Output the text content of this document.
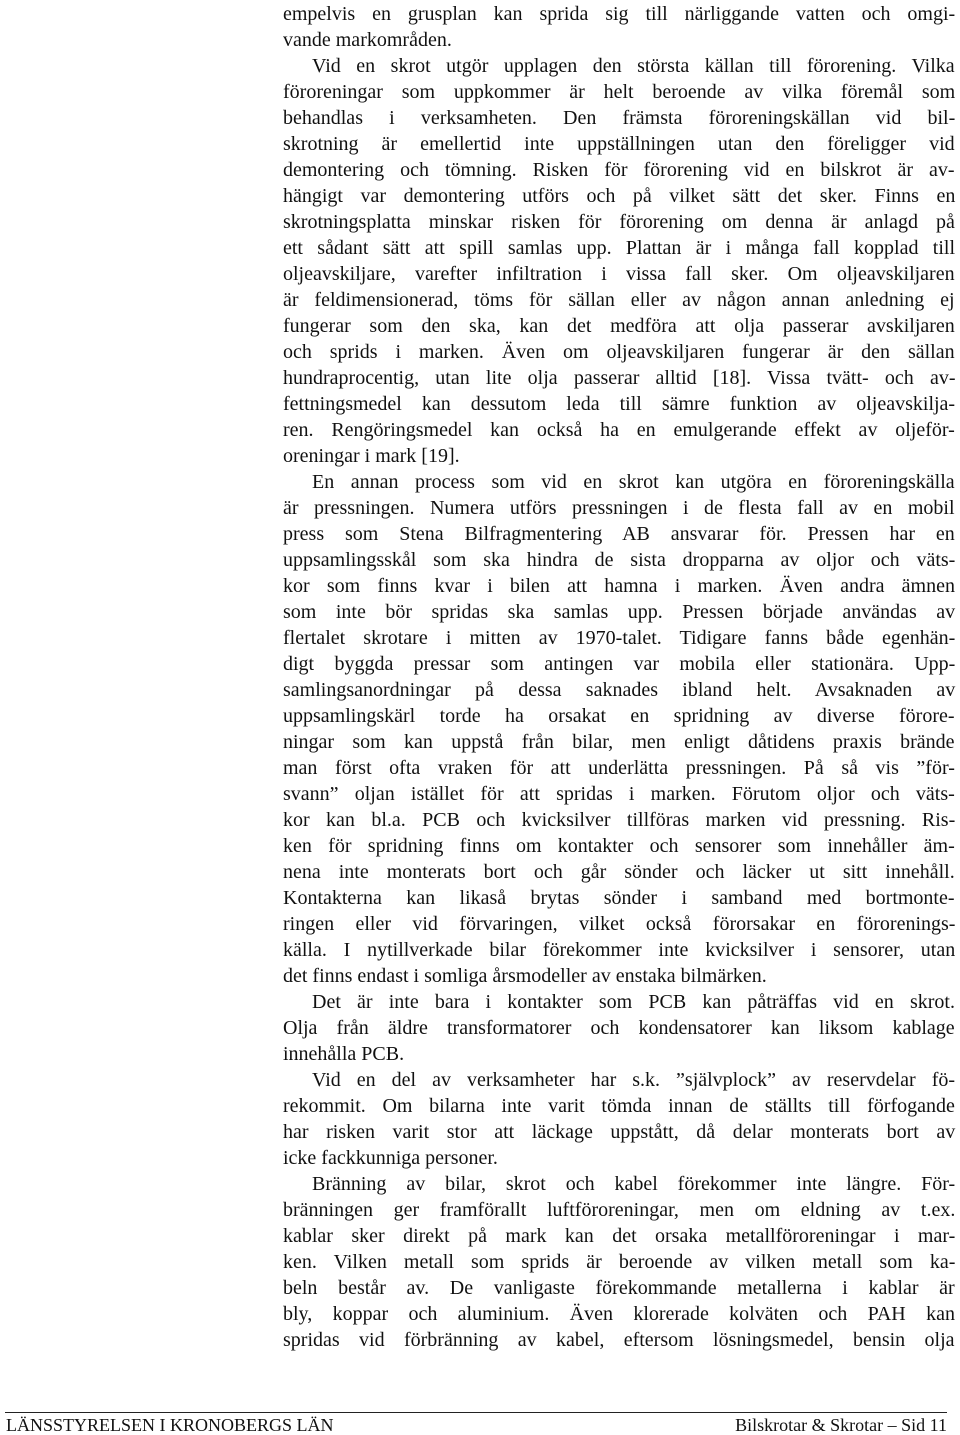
empelvis en grusplan kan sprida sig till närliggande vatten och omgi-
vande markområden.
Vid en skrot utgör upplagen den största källan till förorening. Vilka
föroreningar som uppkommer är helt beroende av vilka föremål som
behandlas i verksamheten. Den främsta föroreningskällan vid bil-
skrotning är emellertid inte uppställningen utan den föreligger vid
demontering och tömning. Risken för förorening vid en bilskrot är av-
hängigt var demontering utförs och på vilket sätt det sker. Finns en
skrotningsplatta minskar risken för förorening om denna är anlagd på
ett sådant sätt att spill samlas upp. Plattan är i många fall kopplad till
oljeavskiljare, varefter infiltration i vissa fall sker. Om oljeavskiljaren
är feldimensionerad, töms för sällan eller av någon annan anledning ej
fungerar som den ska, kan det medföra att olja passerar avskiljaren
och sprids i marken. Även om oljeavskiljaren fungerar är den sällan
hundraprocentig, utan lite olja passerar alltid [18]. Vissa tvätt- och av-
fettningsmedel kan dessutom leda till sämre funktion av oljeavskilja-
ren. Rengöringsmedel kan också ha en emulgerande effekt av oljeför-
oreningar i mark [19].
En annan process som vid en skrot kan utgöra en föroreningskälla
är pressningen. Numera utförs pressningen i de flesta fall av en mobil
press som Stena Bilfragmentering AB ansvarar för. Pressen har en
uppsamlingsskål som ska hindra de sista dropparna av oljor och väts-
kor som finns kvar i bilen att hamna i marken. Även andra ämnen
som inte bör spridas ska samlas upp. Pressen började användas av
flertalet skrotare i mitten av 1970-talet. Tidigare fanns både egenhän-
digt byggda pressar som antingen var mobila eller stationära. Upp-
samlingsanordningar på dessa saknades ibland helt. Avsaknaden av
uppsamlingskärl torde ha orsakat en spridning av diverse förore-
ningar som kan uppstå från bilar, men enligt dåtidens praxis brände
man först ofta vraken för att underlätta pressningen. På så vis ”för-
svann” oljan istället för att spridas i marken. Förutom oljor och väts-
kor kan bl.a. PCB och kvicksilver tillföras marken vid pressning. Ris-
ken för spridning finns om kontakter och sensorer som innehåller äm-
nena inte monterats bort och går sönder och läcker ut sitt innehåll.
Kontakterna kan likaså brytas sönder i samband med bortmonte-
ringen eller vid förvaringen, vilket också förorsakar en förorenings-
källa. I nytillverkade bilar förekommer inte kvicksilver i sensorer, utan
det finns endast i somliga årsmodeller av enstaka bilmärken.
Det är inte bara i kontakter som PCB kan påträffas vid en skrot.
Olja från äldre transformatorer och kondensatorer kan liksom kablage
innehålla PCB.
Vid en del av verksamheter har s.k. ”självplock” av reservdelar fö-
rekommit. Om bilarna inte varit tömda innan de ställts till förfogande
har risken varit stor att läckage uppstått, då delar monterats bort av
icke fackkunniga personer.
Bränning av bilar, skrot och kabel förekommer inte längre. För-
bränningen ger framförallt luftföroreningar, men om eldning av t.ex.
kablar sker direkt på mark kan det orsaka metallföroreningar i mar-
ken. Vilken metall som sprids är beroende av vilken metall som ka-
beln består av. De vanligaste förekommande metallerna i kablar är
bly, koppar och aluminium. Även klorerade kolväten och PAH kan
spridas vid förbränning av kabel, eftersom lösningsmedel, bensin olja
LÄNSSTYRELSEN I KRONOBERGS LÄN	Bilskrotar & Skrotar – Sid 11
